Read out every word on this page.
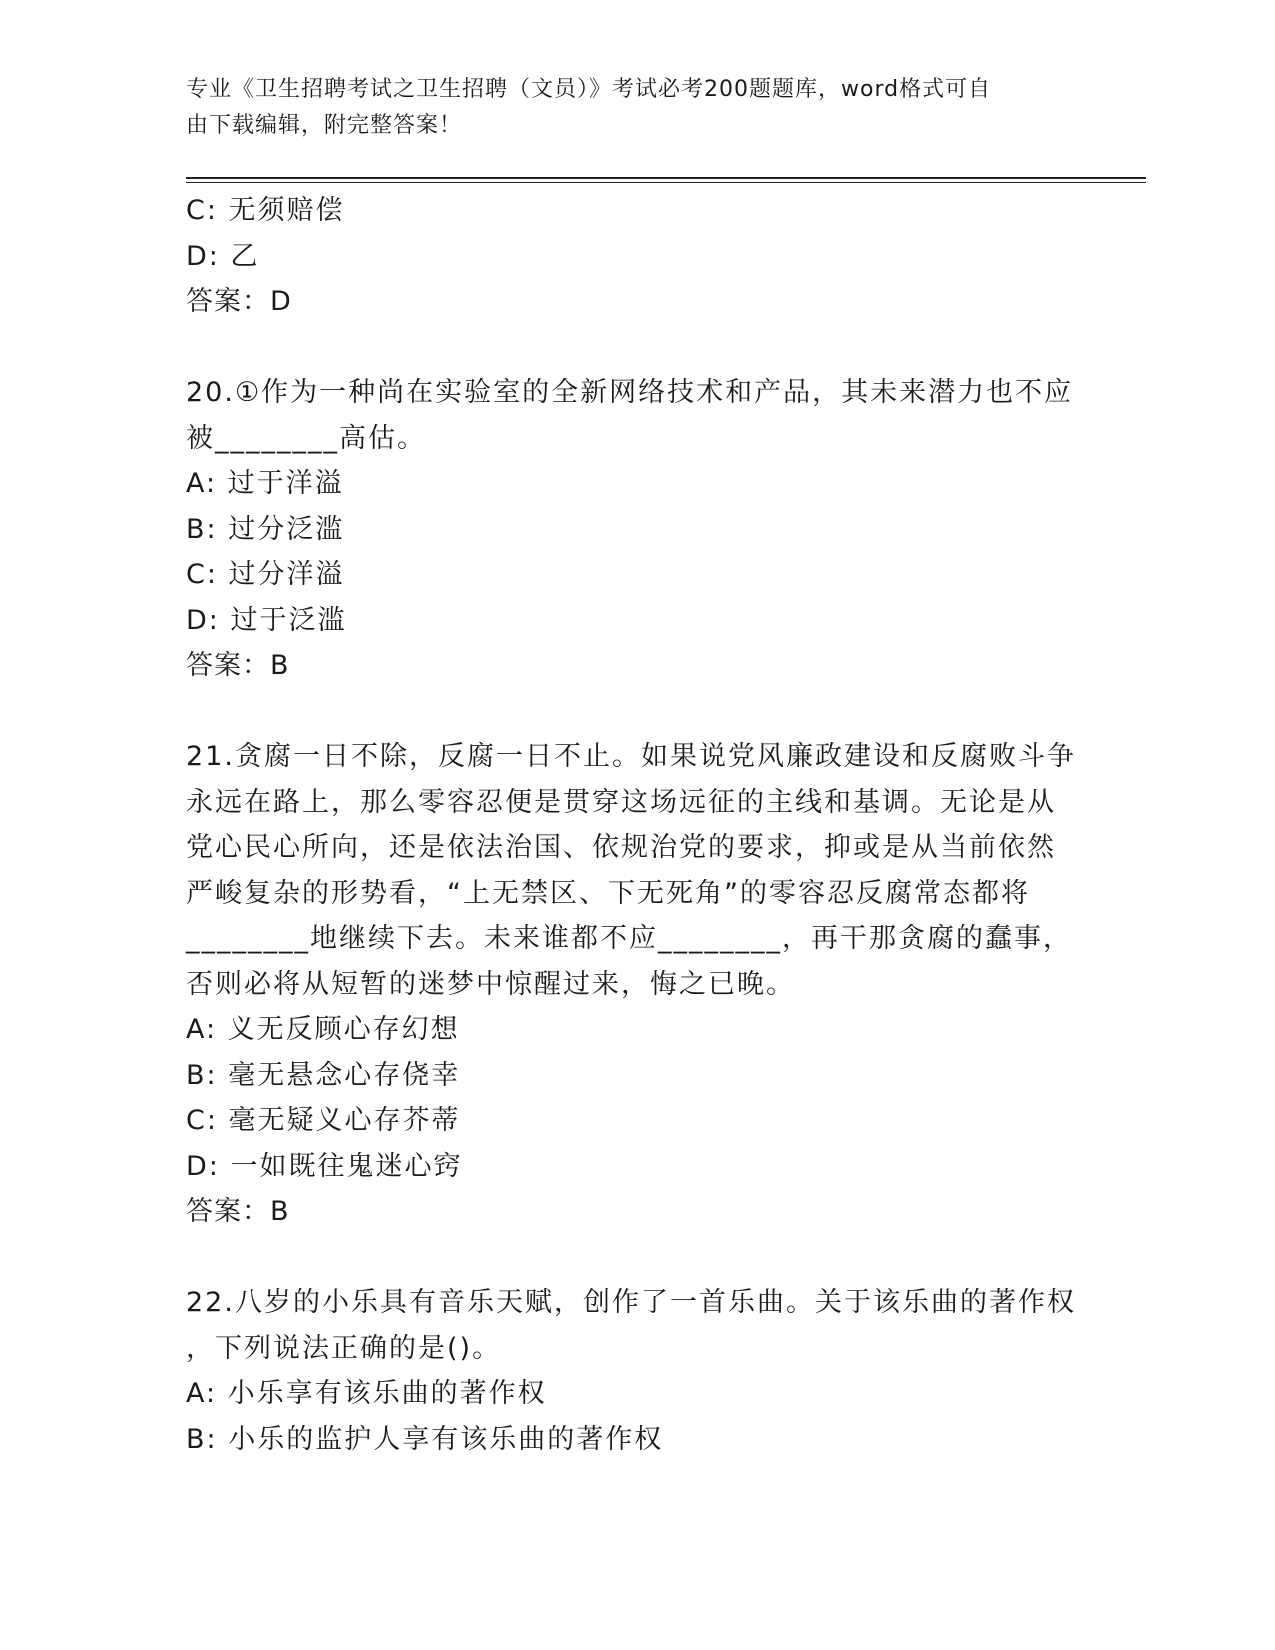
专业《卫生招聘考试之卫生招聘（文员）》考试必考200题题库，word格式可自
由下载编辑，附完整答案！
C: 无须赔偿
D: 乙
答案：D
20.①作为一种尚在实验室的全新网络技术和产品，其未来潜力也不应
被________高估。
A: 过于洋溢
B: 过分泛滥
C: 过分洋溢
D: 过于泛滥
答案：B
21.贪腐一日不除，反腐一日不止。如果说党风廉政建设和反腐败斗争
永远在路上，那么零容忍便是贯穿这场远征的主线和基调。无论是从
党心民心所向，还是依法治国、依规治党的要求，抑或是从当前依然
严峻复杂的形势看，“上无禁区、下无死角”的零容忍反腐常态都将
________地继续下去。未来谁都不应________，再干那贪腐的蠢事，
否则必将从短暂的迷梦中惊醒过来，悔之已晚。
A: 义无反顾心存幻想
B: 毫无悬念心存侥幸
C: 毫无疑义心存芥蒂
D: 一如既往鬼迷心窍
答案：B
22.八岁的小乐具有音乐天赋，创作了一首乐曲。关于该乐曲的著作权
，下列说法正确的是()。
A: 小乐享有该乐曲的著作权
B: 小乐的监护人享有该乐曲的著作权
